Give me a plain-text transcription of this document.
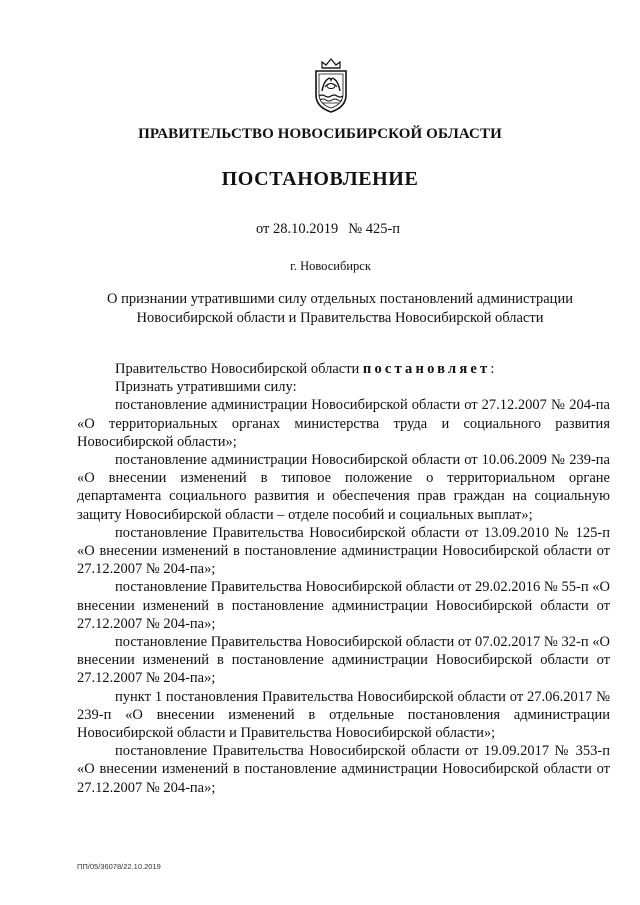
ПРАВИТЕЛЬСТВО НОВОСИБИРСКОЙ ОБЛАСТИ
ПОСТАНОВЛЕНИЕ
от 28.10.2019 № 425-п
г. Новосибирск
О признании утратившими силу отдельных постановлений администрации Новосибирской области и Правительства Новосибирской области

Правительство Новосибирской области постановляет:

Признать утратившими силу:

постановление администрации Новосибирской области от 27.12.2007 № 204-па «О территориальных органах министерства труда и социального развития Новосибирской области»;

постановление администрации Новосибирской области от 10.06.2009 № 239-па «О внесении изменений в типовое положение о территориальном органе департамента социального развития и обеспечения прав граждан на социальную защиту Новосибирской области – отделе пособий и социальных выплат»;

постановление Правительства Новосибирской области от 13.09.2010 № 125-п «О внесении изменений в постановление администрации Новосибирской области от 27.12.2007 № 204-па»;

постановление Правительства Новосибирской области от 29.02.2016 № 55-п «О внесении изменений в постановление администрации Новосибирской области от 27.12.2007 № 204-па»;

постановление Правительства Новосибирской области от 07.02.2017 № 32-п «О внесении изменений в постановление администрации Новосибирской области от 27.12.2007 № 204-па»;

пункт 1 постановления Правительства Новосибирской области от 27.06.2017 № 239-п «О внесении изменений в отдельные постановления администрации Новосибирской области и Правительства Новосибирской области»;

постановление Правительства Новосибирской области от 19.09.2017 № 353-п «О внесении изменений в постановление администрации Новосибирской области от 27.12.2007 № 204-па»;

ПП/05/36078/22.10.2019
